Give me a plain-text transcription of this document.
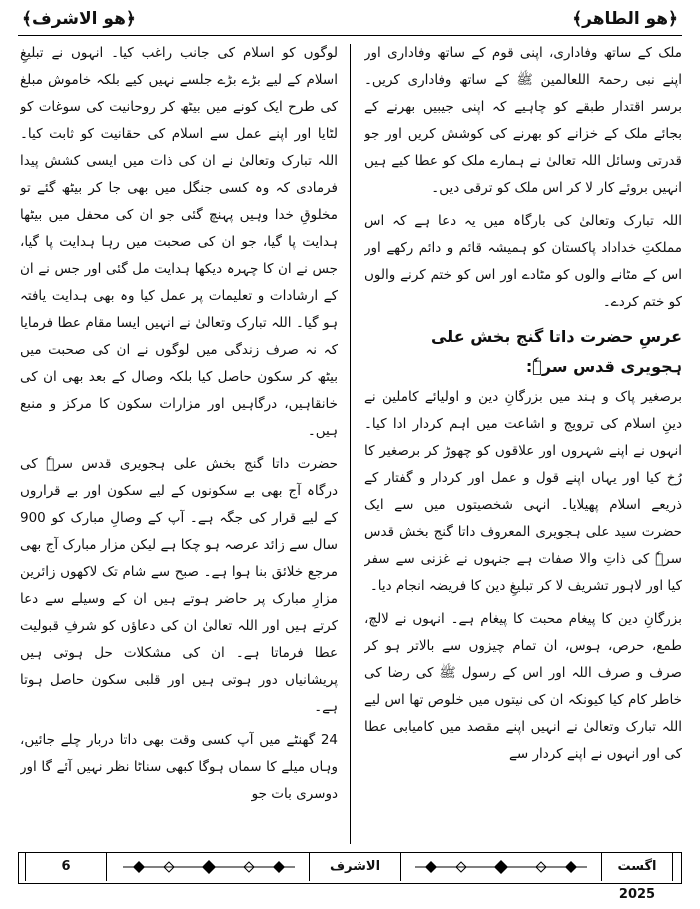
﴿ھو الاشرف﴾	﴿ھو الطاھر﴾

ملک کے ساتھ وفاداری، اپنی قوم کے ساتھ وفاداری اور اپنے نبی رحمۃ اللعالمین ﷺ کے ساتھ وفاداری کریں۔ برسر اقتدار طبقے کو چاہیے کہ اپنی جیبیں بھرنے کے بجائے ملک کے خزانے کو بھرنے کی کوشش کریں اور جو قدرتی وسائل اللہ تعالیٰ نے ہمارے ملک کو عطا کیے ہیں انہیں بروئے کار لا کر اس ملک کو ترقی دیں۔

اللہ تبارک وتعالیٰ کی بارگاہ میں یہ دعا ہے کہ اس مملکتِ خداداد پاکستان کو ہمیشہ قائم و دائم رکھے اور اس کے مٹانے والوں کو مٹادے اور اس کو ختم کرنے والوں کو ختم کردے۔

عرسِ حضرت داتا گنج بخش علی ہجویری قدس سرہٗ:

برصغیر پاک و ہند میں بزرگانِ دین و اولیائے کاملین نے دینِ اسلام کی ترویج و اشاعت میں اہم کردار ادا کیا۔ انہوں نے اپنے شہروں اور علاقوں کو چھوڑ کر برصغیر کا رُخ کیا اور یہاں اپنے قول و عمل اور کردار و گفتار کے ذریعے اسلام پھیلایا۔ انہی شخصیتوں میں سے ایک حضرت سید علی ہجویری المعروف داتا گنج بخش قدس سرہٗ کی ذاتِ والا صفات ہے جنہوں نے غزنی سے سفر کیا اور لاہور تشریف لا کر تبلیغِ دین کا فریضہ انجام دیا۔

بزرگانِ دین کا پیغام محبت کا پیغام ہے۔ انہوں نے لالچ، طمع، حرص، ہوس، ان تمام چیزوں سے بالاتر ہو کر صرف و صرف اللہ اور اس کے رسول ﷺ کی رضا کی خاطر کام کیا کیونکہ ان کی نیتوں میں خلوص تھا اس لیے اللہ تبارک وتعالیٰ نے انہیں اپنے مقصد میں کامیابی عطا کی اور انہوں نے اپنے کردار سے

لوگوں کو اسلام کی جانب راغب کیا۔ انہوں نے تبلیغِ اسلام کے لیے بڑے بڑے جلسے نہیں کیے بلکہ خاموش مبلغ کی طرح ایک کونے میں بیٹھ کر روحانیت کی سوغات کو لٹایا اور اپنے عمل سے اسلام کی حقانیت کو ثابت کیا۔ اللہ تبارک وتعالیٰ نے ان کی ذات میں ایسی کشش پیدا فرمادی کہ وہ کسی جنگل میں بھی جا کر بیٹھ گئے تو مخلوقِ خدا وہیں پہنچ گئی جو ان کی محفل میں بیٹھا ہدایت پا گیا، جو ان کی صحبت میں رہا ہدایت پا گیا، جس نے ان کا چہرہ دیکھا ہدایت مل گئی اور جس نے ان کے ارشادات و تعلیمات پر عمل کیا وہ بھی ہدایت یافتہ ہو گیا۔ اللہ تبارک وتعالیٰ نے انہیں ایسا مقام عطا فرمایا کہ نہ صرف زندگی میں لوگوں نے ان کی صحبت میں بیٹھ کر سکون حاصل کیا بلکہ وصال کے بعد بھی ان کی خانقاہیں، درگاہیں اور مزارات سکون کا مرکز و منبع ہیں۔

حضرت داتا گنج بخش علی ہجویری قدس سرہٗ کی درگاہ آج بھی بے سکونوں کے لیے سکون اور بے قراروں کے لیے قرار کی جگہ ہے۔ آپ کے وصالِ مبارک کو 900 سال سے زائد عرصہ ہو چکا ہے لیکن مزار مبارک آج بھی مرجع خلائق بنا ہوا ہے۔ صبح سے شام تک لاکھوں زائرین مزارِ مبارک پر حاضر ہوتے ہیں ان کے وسیلے سے دعا کرتے ہیں اور اللہ تعالیٰ ان کی دعاؤں کو شرفِ قبولیت عطا فرماتا ہے۔ ان کی مشکلات حل ہوتی ہیں پریشانیاں دور ہوتی ہیں اور قلبی سکون حاصل ہوتا ہے۔

24 گھنٹے میں آپ کسی وقت بھی داتا دربار چلے جائیں، وہاں میلے کا سماں ہوگا کبھی سناٹا نظر نہیں آئے گا اور دوسری بات جو

6	الاشرف	اگست 2025
